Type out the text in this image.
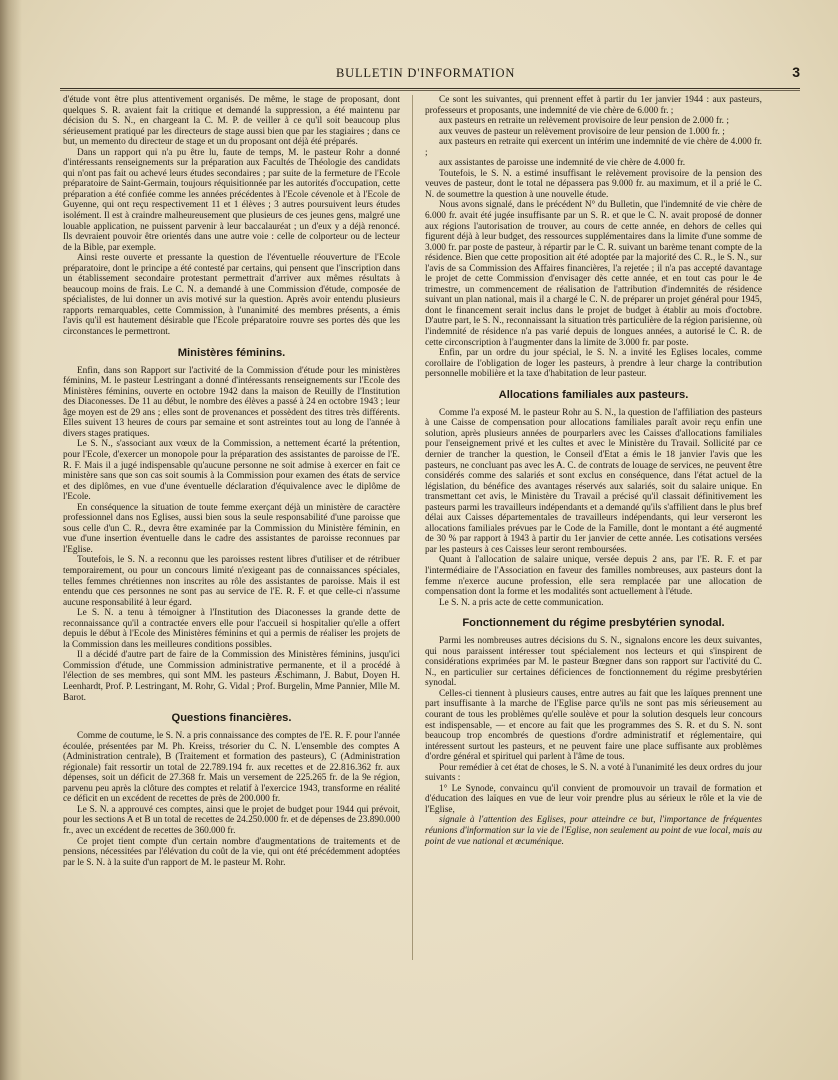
BULLETIN D'INFORMATION	3

d'étude vont être plus attentivement organisés. De même, le stage de proposant, dont quelques S. R. avaient fait la critique et demandé la suppression, a été maintenu par décision du S. N., en chargeant la C. M. P. de veiller à ce qu'il soit beaucoup plus sérieusement pratiqué par les directeurs de stage aussi bien que par les stagiaires ; dans ce but, un memento du directeur de stage et un du proposant ont déjà été préparés.

Dans un rapport qui n'a pu être lu, faute de temps, M. le pasteur Rohr a donné d'intéressants renseignements sur la préparation aux Facultés de Théologie des candidats qui n'ont pas fait ou achevé leurs études secondaires ; par suite de la fermeture de l'Ecole préparatoire de Saint-Germain, toujours réquisitionnée par les autorités d'occupation, cette préparation a été confiée comme les années précédentes à l'Ecole cévenole et à l'Ecole de Guyenne, qui ont reçu respectivement 11 et 1 élèves ; 3 autres poursuivent leurs études isolément. Il est à craindre malheureusement que plusieurs de ces jeunes gens, malgré une louable application, ne puissent parvenir à leur baccalauréat ; un d'eux y a déjà renoncé. Ils devraient pouvoir être orientés dans une autre voie : celle de colporteur ou de lecteur de la Bible, par exemple.

Ainsi reste ouverte et pressante la question de l'éventuelle réouverture de l'Ecole préparatoire, dont le principe a été contesté par certains, qui pensent que l'inscription dans un établissement secondaire protestant permettrait d'arriver aux mêmes résultats à beaucoup moins de frais. Le C. N. a demandé à une Commission d'étude, composée de spécialistes, de lui donner un avis motivé sur la question. Après avoir entendu plusieurs rapports remarquables, cette Commission, à l'unanimité des membres présents, a émis l'avis qu'il est hautement désirable que l'Ecole préparatoire rouvre ses portes dès que les circonstances le permettront.

Ministères féminins.

Enfin, dans son Rapport sur l'activité de la Commission d'étude pour les ministères féminins, M. le pasteur Lestringant a donné d'intéressants renseignements sur l'Ecole des Ministères féminins, ouverte en octobre 1942 dans la maison de Reuilly de l'Institution des Diaconesses. De 11 au début, le nombre des élèves a passé à 24 en octobre 1943 ; leur âge moyen est de 29 ans ; elles sont de provenances et possèdent des titres très différents. Elles suivent 13 heures de cours par semaine et sont astreintes tout au long de l'année à divers stages pratiques.

Le S. N., s'associant aux vœux de la Commission, a nettement écarté la prétention, pour l'Ecole, d'exercer un monopole pour la préparation des assistantes de paroisse de l'E. R. F. Mais il a jugé indispensable qu'aucune personne ne soit admise à exercer en fait ce ministère sans que son cas soit soumis à la Commission pour examen des états de service et des diplômes, en vue d'une éventuelle déclaration d'équivalence avec le diplôme de l'Ecole.

En conséquence la situation de toute femme exerçant déjà un ministère de caractère professionnel dans nos Eglises, aussi bien sous la seule responsabilité d'une paroisse que sous celle d'un C. R., devra être examinée par la Commission du Ministère féminin, en vue d'une insertion éventuelle dans le cadre des assistantes de paroisse reconnues par l'Eglise.

Toutefois, le S. N. a reconnu que les paroisses restent libres d'utiliser et de rétribuer temporairement, ou pour un concours limité n'exigeant pas de connaissances spéciales, telles femmes chrétiennes non inscrites au rôle des assistantes de paroisse. Mais il est entendu que ces personnes ne sont pas au service de l'E. R. F. et que celle-ci n'assume aucune responsabilité à leur égard.

Le S. N. a tenu à témoigner à l'Institution des Diaconesses la grande dette de reconnaissance qu'il a contractée envers elle pour l'accueil si hospitalier qu'elle a offert depuis le début à l'Ecole des Ministères féminins et qui a permis de réaliser les projets de la Commission dans les meilleures conditions possibles.

Il a décidé d'autre part de faire de la Commission des Ministères féminins, jusqu'ici Commission d'étude, une Commission administrative permanente, et il a procédé à l'élection de ses membres, qui sont MM. les pasteurs Æschimann, J. Babut, Doyen H. Leenhardt, Prof. P. Lestringant, M. Rohr, G. Vidal ; Prof. Burgelin, Mme Pannier, Mlle M. Barot.

Questions financières.

Comme de coutume, le S. N. a pris connaissance des comptes de l'E. R. F. pour l'année écoulée, présentées par M. Ph. Kreiss, trésorier du C. N. L'ensemble des comptes A (Administration centrale), B (Traitement et formation des pasteurs), C (Administration régionale) fait ressortir un total de 22.789.194 fr. aux recettes et de 22.816.362 fr. aux dépenses, soit un déficit de 27.368 fr. Mais un versement de 225.265 fr. de la 9e région, parvenu peu après la clôture des comptes et relatif à l'exercice 1943, transforme en réalité ce déficit en un excédent de recettes de près de 200.000 fr.

Le S. N. a approuvé ces comptes, ainsi que le projet de budget pour 1944 qui prévoit, pour les sections A et B un total de recettes de 24.250.000 fr. et de dépenses de 23.890.000 fr., avec un excédent de recettes de 360.000 fr.

Ce projet tient compte d'un certain nombre d'augmentations de traitements et de pensions, nécessitées par l'élévation du coût de la vie, qui ont été précédemment adoptées par le S. N. à la suite d'un rapport de M. le pasteur M. Rohr.

Ce sont les suivantes, qui prennent effet à partir du 1er janvier 1944 : aux pasteurs, professeurs et proposants, une indemnité de vie chère de 6.000 fr. ;

aux pasteurs en retraite un relèvement provisoire de leur pension de 2.000 fr. ;

aux veuves de pasteur un relèvement provisoire de leur pension de 1.000 fr. ;

aux pasteurs en retraite qui exercent un intérim une indemnité de vie chère de 4.000 fr. ;

aux assistantes de paroisse une indemnité de vie chère de 4.000 fr.

Toutefois, le S. N. a estimé insuffisant le relèvement provisoire de la pension des veuves de pasteur, dont le total ne dépassera pas 9.000 fr. au maximum, et il a prié le C. N. de soumettre la question à une nouvelle étude.

Nous avons signalé, dans le précédent N° du Bulletin, que l'indemnité de vie chère de 6.000 fr. avait été jugée insuffisante par un S. R. et que le C. N. avait proposé de donner aux régions l'autorisation de trouver, au cours de cette année, en dehors de celles qui figurent déjà à leur budget, des ressources supplémentaires dans la limite d'une somme de 3.000 fr. par poste de pasteur, à répartir par le C. R. suivant un barème tenant compte de la résidence. Bien que cette proposition ait été adoptée par la majorité des C. R., le S. N., sur l'avis de sa Commission des Affaires financières, l'a rejetée ; il n'a pas accepté davantage le projet de cette Commission d'envisager dès cette année, et en tout cas pour le 4e trimestre, un commencement de réalisation de l'attribution d'indemnités de résidence suivant un plan national, mais il a chargé le C. N. de préparer un projet général pour 1945, dont le financement serait inclus dans le projet de budget à établir au mois d'octobre. D'autre part, le S. N., reconnaissant la situation très particulière de la région parisienne, où l'indemnité de résidence n'a pas varié depuis de longues années, a autorisé le C. R. de cette circonscription à l'augmenter dans la limite de 3.000 fr. par poste.

Enfin, par un ordre du jour spécial, le S. N. a invité les Eglises locales, comme corollaire de l'obligation de loger les pasteurs, à prendre à leur charge la contribution personnelle mobilière et la taxe d'habitation de leur pasteur.

Allocations familiales aux pasteurs.

Comme l'a exposé M. le pasteur Rohr au S. N., la question de l'affiliation des pasteurs à une Caisse de compensation pour allocations familiales paraît avoir reçu enfin une solution, après plusieurs années de pourparlers avec les Caisses d'allocations familiales pour l'enseignement privé et les cultes et avec le Ministère du Travail. Sollicité par ce dernier de trancher la question, le Conseil d'Etat a émis le 18 janvier l'avis que les pasteurs, ne concluant pas avec les A. C. de contrats de louage de services, ne peuvent être considérés comme des salariés et sont exclus en conséquence, dans l'état actuel de la législation, du bénéfice des avantages réservés aux salariés, soit du salaire unique. En transmettant cet avis, le Ministère du Travail a précisé qu'il classait définitivement les pasteurs parmi les travailleurs indépendants et a demandé qu'ils s'affilient dans le plus bref délai aux Caisses départementales de travailleurs indépendants, qui leur verseront les allocations familiales prévues par le Code de la Famille, dont le montant a été augmenté de 30 % par rapport à 1943 à partir du 1er janvier de cette année. Les cotisations versées par les pasteurs à ces Caisses leur seront remboursées.

Quant à l'allocation de salaire unique, versée depuis 2 ans, par l'E. R. F. et par l'intermédiaire de l'Association en faveur des familles nombreuses, aux pasteurs dont la femme n'exerce aucune profession, elle sera remplacée par une allocation de compensation dont la forme et les modalités sont actuellement à l'étude.

Le S. N. a pris acte de cette communication.

Fonctionnement du régime presbytérien synodal.

Parmi les nombreuses autres décisions du S. N., signalons encore les deux suivantes, qui nous paraissent intéresser tout spécialement nos lecteurs et qui s'inspirent de considérations exprimées par M. le pasteur Bœgner dans son rapport sur l'activité du C. N., en particulier sur certaines déficiences de fonctionnement du régime presbytérien synodal.

Celles-ci tiennent à plusieurs causes, entre autres au fait que les laïques prennent une part insuffisante à la marche de l'Eglise parce qu'ils ne sont pas mis sérieusement au courant de tous les problèmes qu'elle soulève et pour la solution desquels leur concours est indispensable, — et encore au fait que les programmes des S. R. et du S. N. sont beaucoup trop encombrés de questions d'ordre administratif et réglementaire, qui intéressent surtout les pasteurs, et ne peuvent faire une place suffisante aux problèmes d'ordre général et spirituel qui parlent à l'âme de tous.

Pour remédier à cet état de choses, le S. N. a voté à l'unanimité les deux ordres du jour suivants :

1° Le Synode, convaincu qu'il convient de promouvoir un travail de formation et d'éducation des laïques en vue de leur voir prendre plus au sérieux le rôle et la vie de l'Eglise,

signale à l'attention des Eglises, pour atteindre ce but, l'importance de fréquentes réunions d'information sur la vie de l'Eglise, non seulement au point de vue local, mais au point de vue national et œcuménique.
